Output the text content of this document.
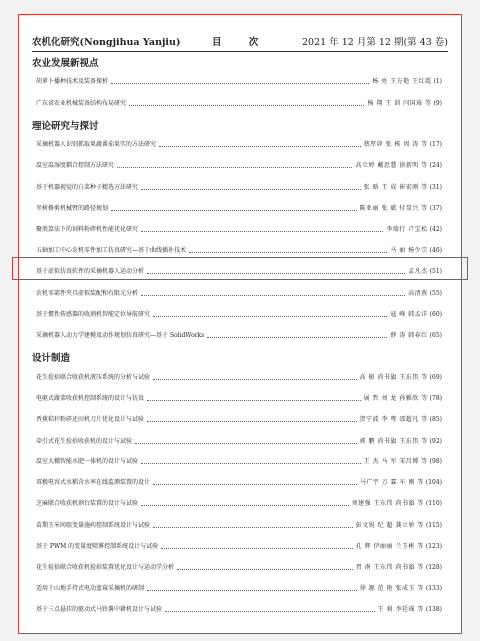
农机化研究(Nongjihua Yanjiu)	目 次	2021 年 12 月第 12 期(第 43 卷)
农业发展新视点
胡萝卜播种技术及装备探析	杨 亮 王方艳 王红霞 (1)
广东省农业机械装备结构布局研究	杨 翔 王 训 闫国琦 等 (9)
理论研究与探讨
采摘机器人识别抓取果蔬番茄果实的方法研究	蔡厚卯 张 栋 周 涛 等 (17)
温室温湿度耦合控制方法研究	高立婷 戴思慧 徐新明 等 (24)
基于机器视觉的白菜种子精选方法研究	张 晗 王 成 崔宏刚 等 (31)
坐树修剪机械臂的路径规划	陈亚丽 张 斌 付显兴 等 (37)
聚类算法下的饲料粉碎机性能优化研究	李瑞行 卢宝松 (42)
五轴加工中心农机零件加工仿真研究—基于曲线插补技术	马 丽 杨少宗 (46)
基于虚拟仿真软件的采摘机器人运动分析	孟凡杰 (51)
农机零部件夹具虚拟装配和有限元分析	高清燕 (55)
基于惯性传感器的收割机智能定位导航研究	寇 峰 韩孟洋 (60)
采摘机器人动力学建模及动作规划仿真研究—基于 SolidWorks	薛 涛 韩春红 (65)
设计制造
花生捡拾联合收获机液压系统的分析与试验	高 振 尚书旗 王东伟 等 (69)
电驱式蔬菜收获机控制系统的设计与仿真	展 哲 刘 龙 孙雅欣 等 (78)
香蕉秸秆粉碎还田机刀片优化设计与试验	贺宁波 李 粤 邵超凡 等 (85)
牵引式花生捡拾收获机的设计与试验	郭 鹏 尚书旗 王东伟 等 (92)
温室大棚智能水肥一体机的设计与试验	王 杰 马 军 宋昌博 等 (98)
双极电容式水稻含水率在线监测装置的设计	马广宇 万 霖 车 刚 等 (104)
芝麻联合收获机割台装置的设计与试验	刘建强 王东伟 尚书旗 等 (110)
苗期玉米间歇变量施药控制系统设计与试验	彭文锐 纪 超 龚立娇 等 (115)
基于 PWM 的变量度喷雾控制系统设计与试验	孔 辉 伊丽丽 兰玉彬 等 (123)
花生捡拾联合收获机捡拾装置优化设计与运动学分析	胥 南 王东伟 尚书旗 等 (128)
适用于山地手持式电动蓝莓采摘机的研制	徐 源 范 艳 张成玉 等 (133)
基于三点悬挂的驱动式马铃薯中耕机设计与试验	王 莉 李廷瑶 等 (138)
